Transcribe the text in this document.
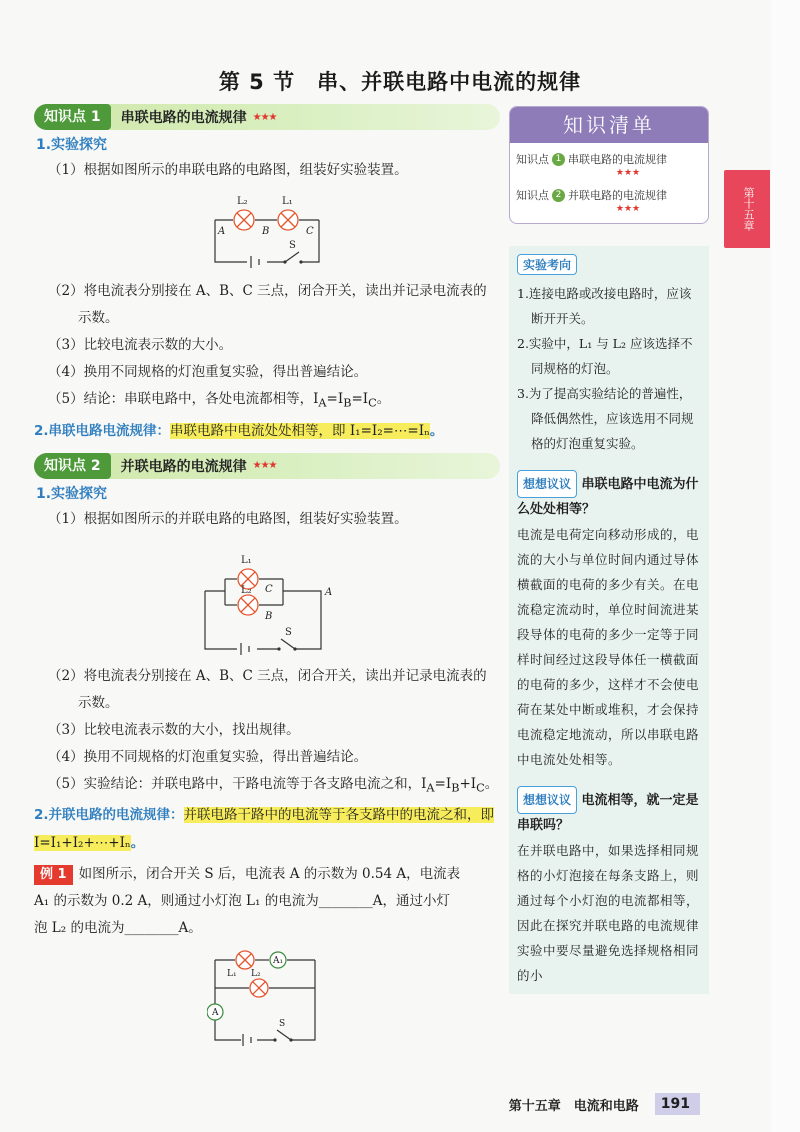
第 5 节　串、并联电路中电流的规律
知识点 1	串联电路的电流规律 ★★★
1.实验探究
（1）根据如图所示的串联电路的电路图，组装好实验装置。
L₂	L₁
A	B	C
S
（2）将电流表分别接在 A、B、C 三点，闭合开关，读出并记录电流表的示数。
（3）比较电流表示数的大小。
（4）换用不同规格的灯泡重复实验，得出普遍结论。
（5）结论：串联电路中，各处电流都相等，$I_A=I_B=I_C$。
2.串联电路电流规律：串联电路中电流处处相等，即 I₁=I₂=⋯=Iₙ。
知识点 2	并联电路的电流规律 ★★★
1.实验探究
（1）根据如图所示的并联电路的电路图，组装好实验装置。
L₁
L₂ C
B
A
S
（2）将电流表分别接在 A、B、C 三点，闭合开关，读出并记录电流表的示数。
（3）比较电流表示数的大小，找出规律。
（4）换用不同规格的灯泡重复实验，得出普遍结论。
（5）实验结论：并联电路中，干路电流等于各支路电流之和，$I_A=I_B+I_C$。
2.并联电路的电流规律：并联电路干路中的电流等于各支路中的电流之和，即 I=I₁+I₂+⋯+Iₙ。
例 1 如图所示，闭合开关 S 后，电流表 A 的示数为 0.54 A，电流表
A₁ 的示数为 0.2 A，则通过小灯泡 L₁ 的电流为________A，通过小灯
泡 L₂ 的电流为________A。
A₁
A
L₁ L₂
S
知识清单
知识点 1 串联电路的电流规律
★★★
知识点 2 并联电路的电流规律
★★★
实验考向
1.连接电路或改接电路时，应该断开开关。
2.实验中，L₁ 与 L₂ 应该选择不同规格的灯泡。
3.为了提高实验结论的普遍性，降低偶然性，应该选用不同规格的灯泡重复实验。
想想议议 串联电路中电流为什么处处相等？
电流是电荷定向移动形成的，电流的大小与单位时间内通过导体横截面的电荷的多少有关。在电流稳定流动时，单位时间流进某段导体的电荷的多少一定等于同样时间经过这段导体任一横截面的电荷的多少，这样才不会使电荷在某处中断或堆积，才会保持电流稳定地流动，所以串联电路中电流处处相等。
想想议议 电流相等，就一定是串联吗？
在并联电路中，如果选择相同规格的小灯泡接在每条支路上，则通过每个小灯泡的电流都相等，因此在探究并联电路的电流规律实验中要尽量避免选择规格相同的小
第十五章
第十五章　电流和电路	191
